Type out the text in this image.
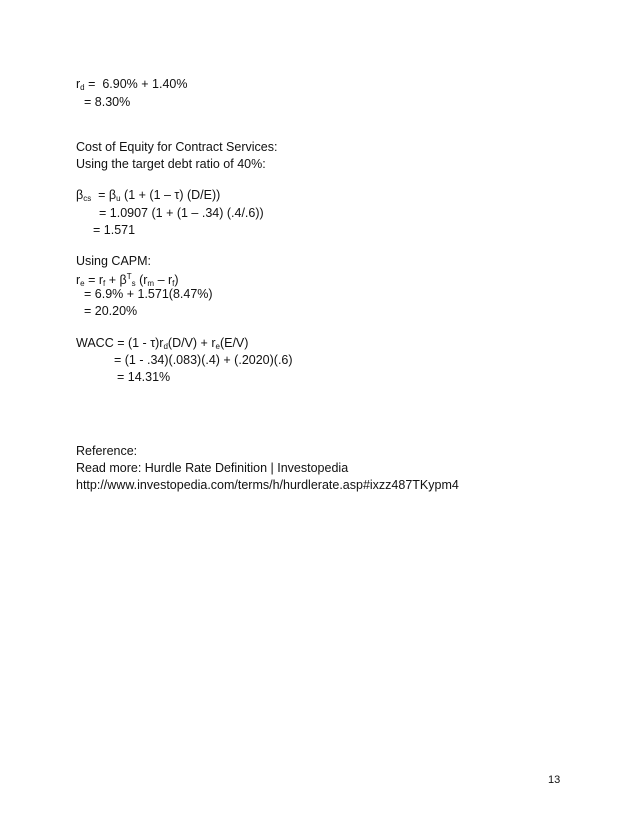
$r_d = 6.90\% + 1.40\%$
= 8.30%
Cost of Equity for Contract Services:
Using the target debt ratio of 40%:
$\beta_{cs} = \beta_u$ (1 + (1 – τ) (D/E))
= 1.0907 (1 + (1 – .34) (.4/.6))
= 1.571
Using CAPM:
$r_e = r_f + \beta^T_s$ $(r_m - r_f)$
= 6.9% + 1.571(8.47%)
= 20.20%
WACC = $(1 - \tau)r_d(D/V) + r_e(E/V)$
= (1 - .34)(.083)(.4) + (.2020)(.6)
= 14.31%
Reference:
Read more: Hurdle Rate Definition | Investopedia
http://www.investopedia.com/terms/h/hurdlerate.asp#ixzz487TKypm4
13
